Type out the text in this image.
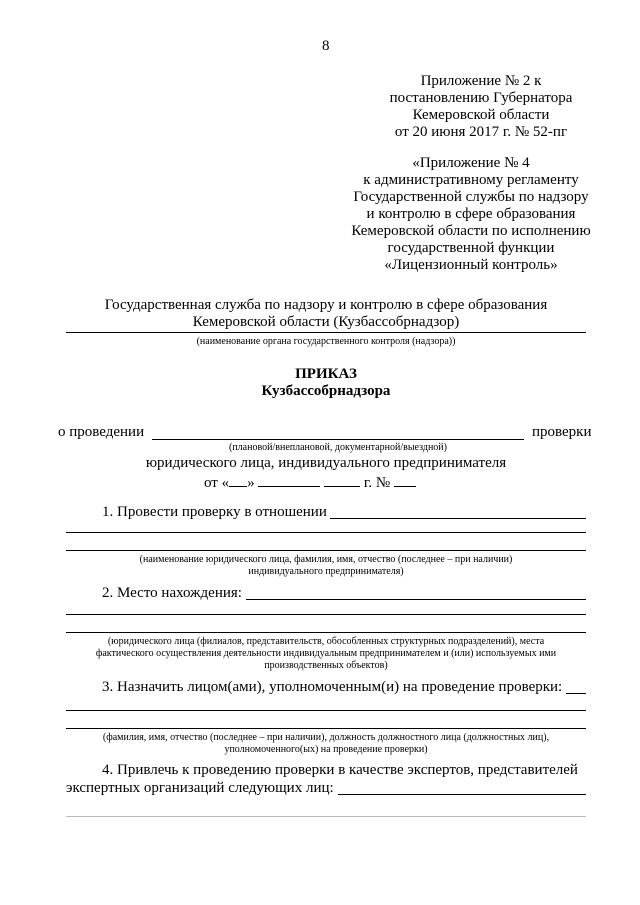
8
Приложение № 2 к
постановлению Губернатора
Кемеровской области
от 20 июня 2017 г. № 52-пг
«Приложение № 4
к административному регламенту
Государственной службы по надзору
и контролю в сфере образования
Кемеровской области по исполнению
государственной функции
«Лицензионный контроль»
Государственная служба по надзору и контролю в сфере образования
Кемеровской области (Кузбассобрнадзор)
(наименование органа государственного контроля (надзора))
ПРИКАЗ
Кузбассобрнадзора
о проведении	проверки
(плановой/внеплановой, документарной/выездной)
юридического лица, индивидуального предпринимателя
от « »	г. №
1. Провести проверку в отношении
(наименование юридического лица, фамилия, имя, отчество (последнее – при наличии)
индивидуального предпринимателя)
2. Место нахождения:
(юридического лица (филиалов, представительств, обособленных структурных подразделений), места
фактического осуществления деятельности индивидуальным предпринимателем и (или) используемых ими
производственных объектов)
3. Назначить лицом(ами), уполномоченным(и) на проведение проверки:
(фамилия, имя, отчество (последнее – при наличии), должность должностного лица (должностных лиц),
уполномоченного(ых) на проведение проверки)
4. Привлечь к проведению проверки в качестве экспертов, представителей
экспертных организаций следующих лиц:
